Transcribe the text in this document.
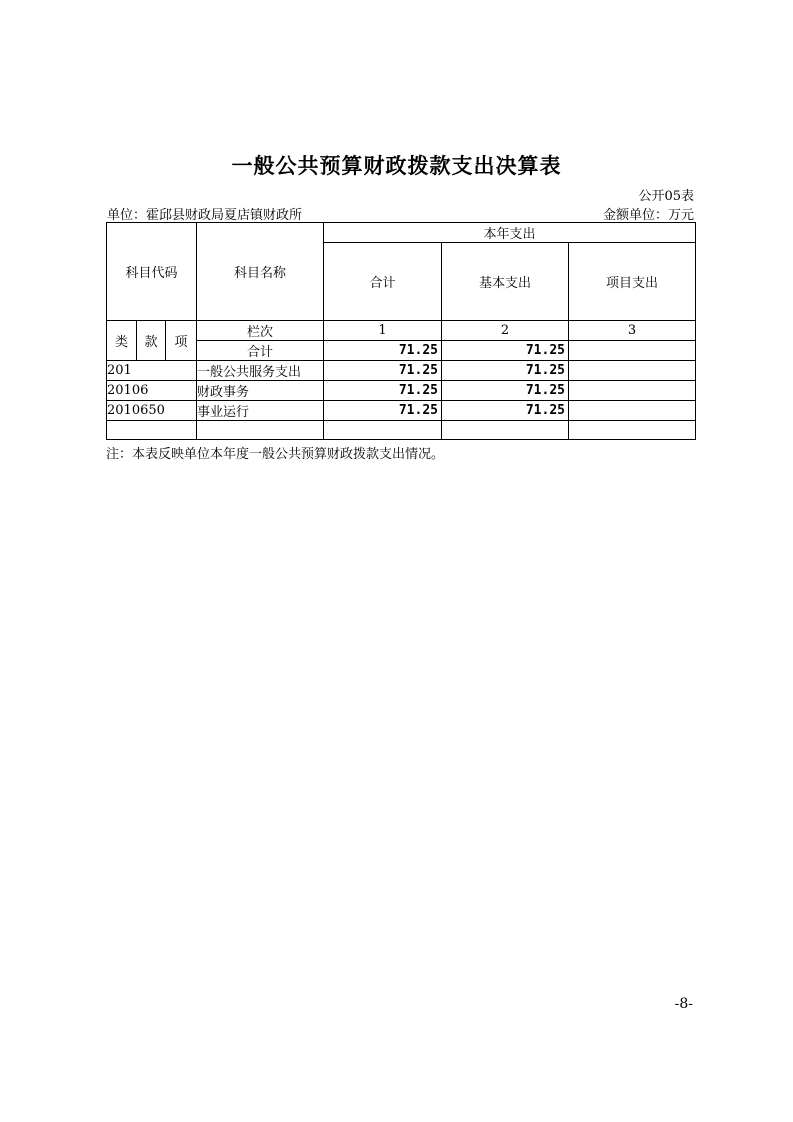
一般公共预算财政拨款支出决算表
公开05表
单位：霍邱县财政局夏店镇财政所	金额单位：万元
科目代码			科目名称	本年支出		
				合计	基本支出	项目支出
类	款	项	栏次	1	2	3
			合计	71.25	71.25	
201			一般公共服务支出	71.25	71.25	
20106			财政事务	71.25	71.25	
2010650			事业运行	71.25	71.25	

注：本表反映单位本年度一般公共预算财政拨款支出情况。
-8-
